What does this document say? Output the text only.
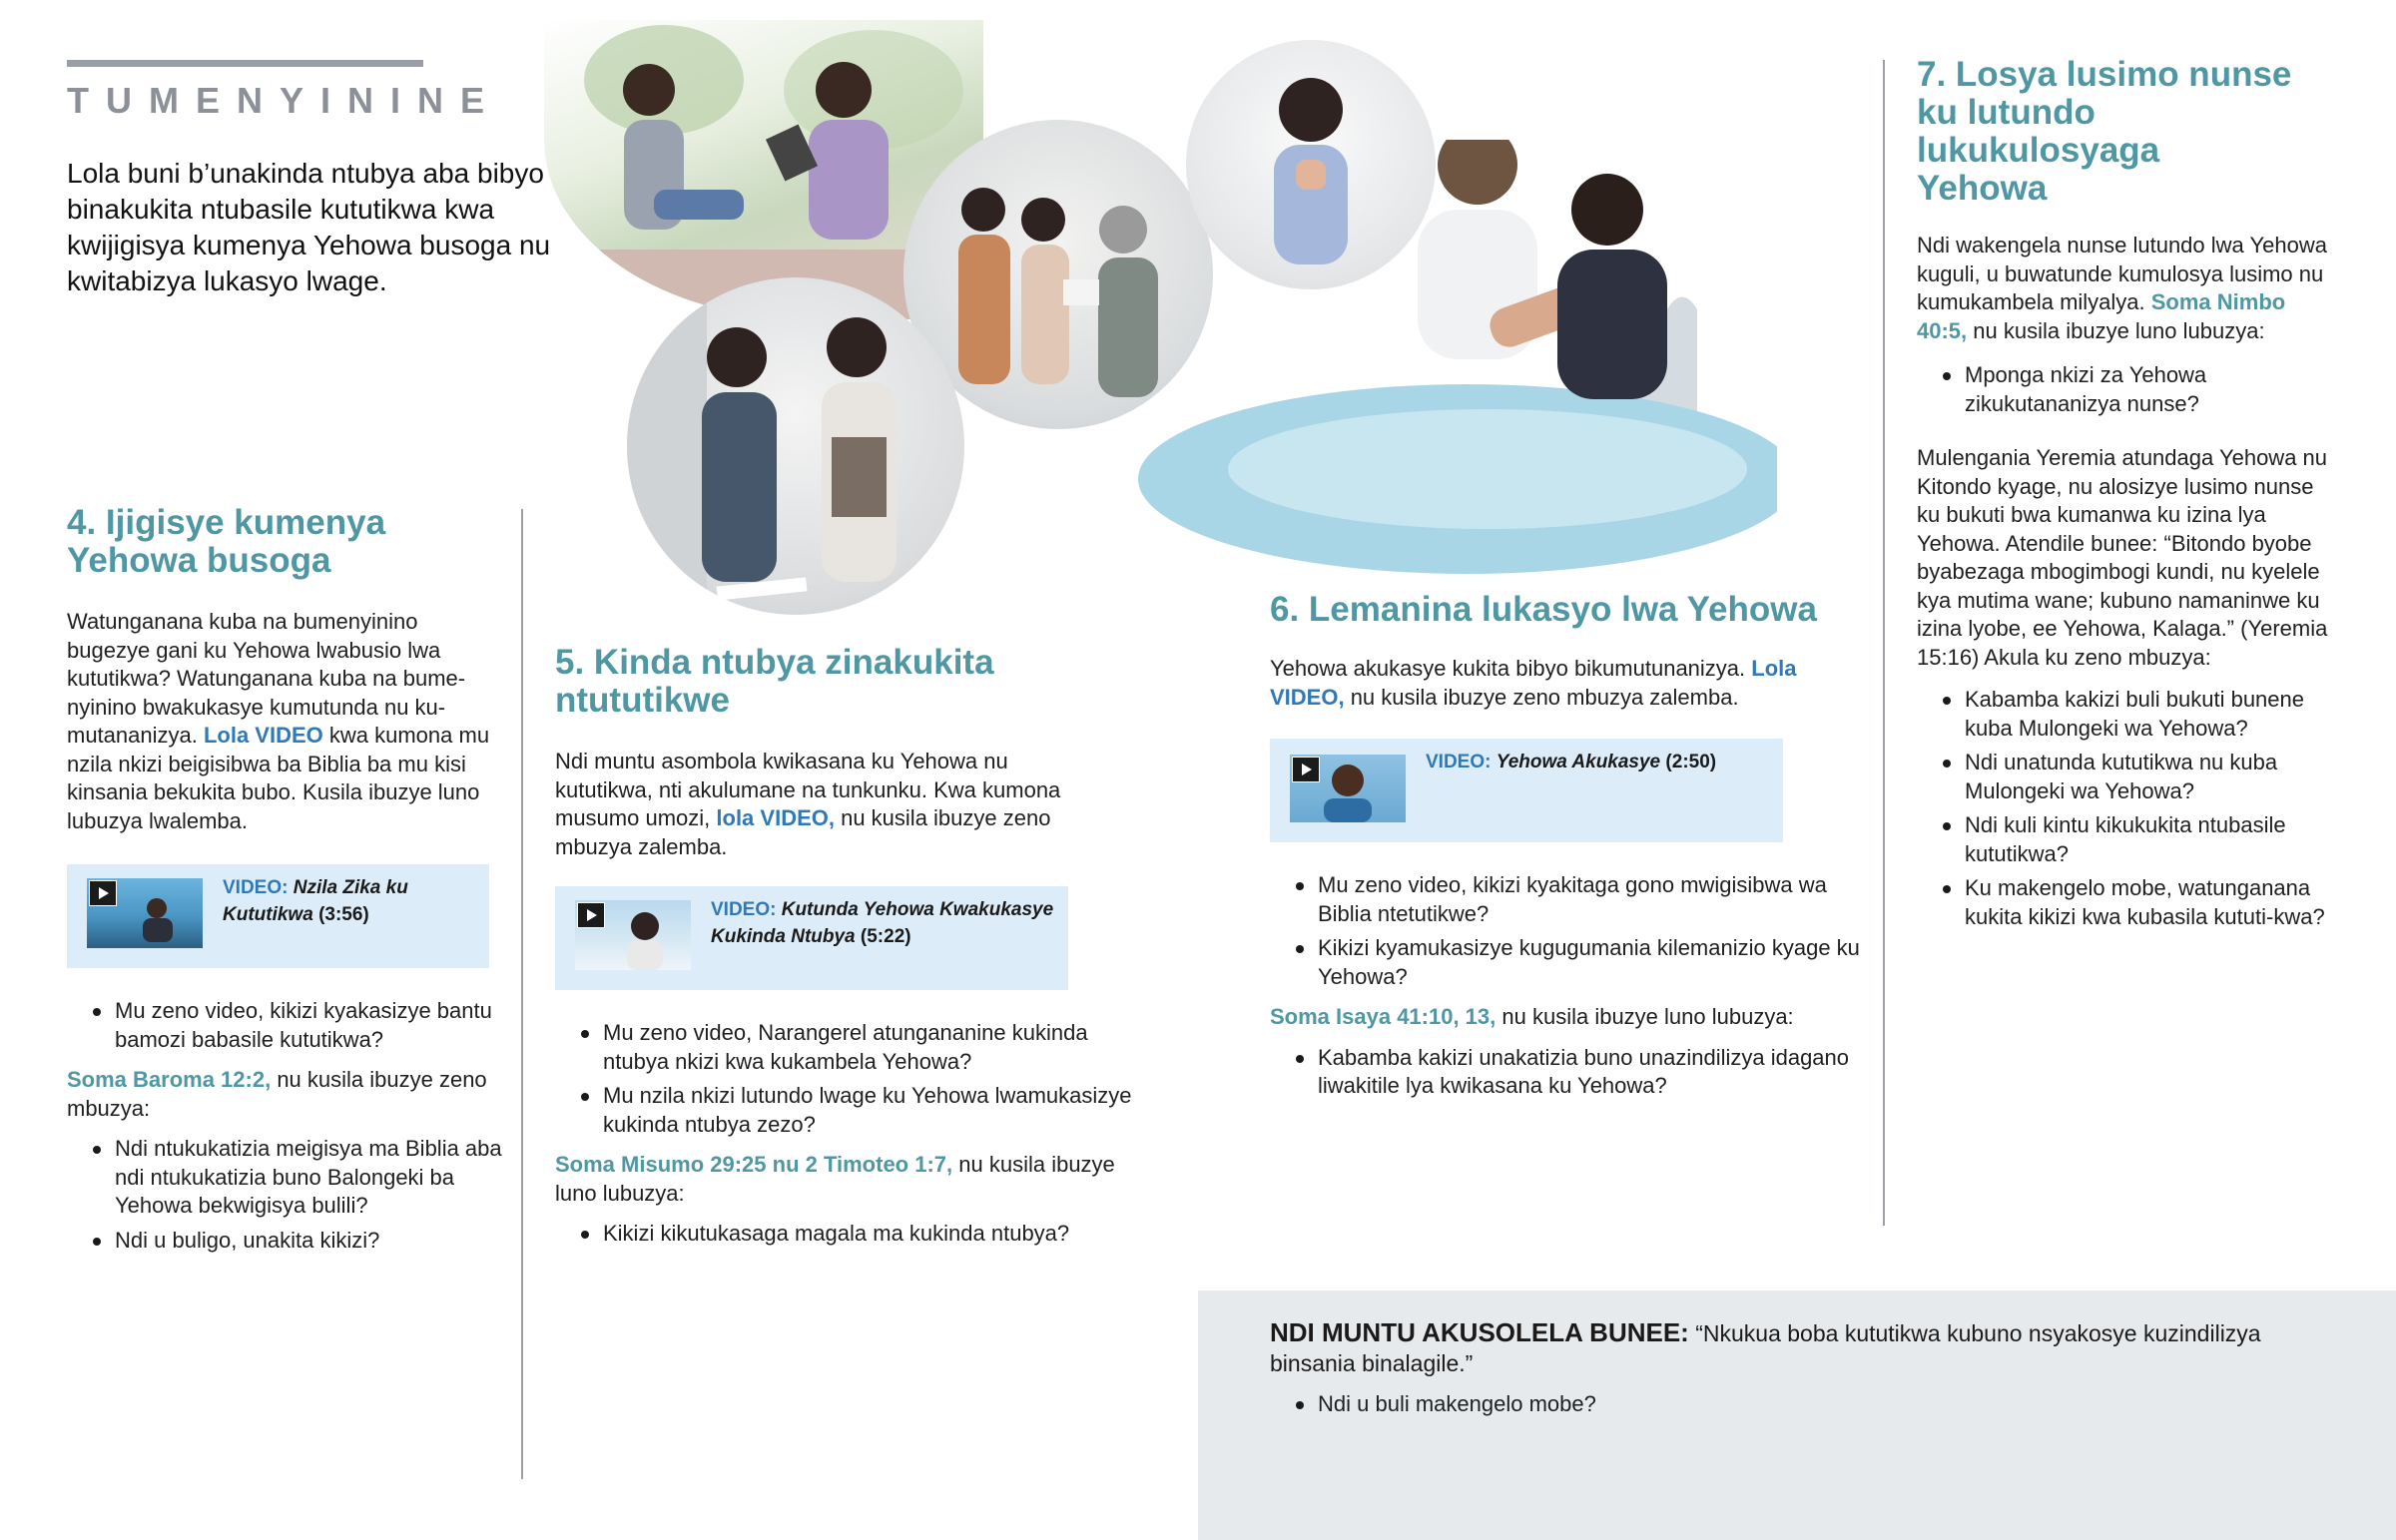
TUMENYININE
Lola buni b’unakinda ntubya aba bibyo binakukita ntubasile kututikwa kwa kwijigisya kumenya Yehowa busoga nu kwitabizya lukasyo lwage.
4. Ijigisye kumenya
Yehowa busoga

Watunganana kuba na bumenyinino bugezye gani ku Yehowa lwabusio lwa kututikwa? Watunganana kuba na bume-nyinino bwakukasye kumutunda nu ku-mutananizya. Lola VIDEO kwa kumona mu nzila nkizi beigisibwa ba Biblia ba mu kisi kinsania bekukita bubo. Kusila ibuzye luno lubuzya lwalemba.

VIDEO: Nzila Zika ku Kututikwa (3:56)
Mu zeno video, kikizi kyakasizye bantu bamozi babasile kututikwa?

Soma Baroma 12:2, nu kusila ibuzye zeno mbuzya:

Ndi ntukukatizia meigisya ma Biblia aba ndi ntukukatizia buno Balongeki ba Yehowa bekwigisya bulili?
Ndi u buligo, unakita kikizi?
5. Kinda ntubya zinakukita
ntututikwe

Ndi muntu asombola kwikasana ku Yehowa nu kututikwa, nti akulumane na tunkunku. Kwa kumona musumo umozi, lola VIDEO, nu kusila ibuzye zeno mbuzya zalemba.

VIDEO: Kutunda Yehowa Kwakukasye
Kukinda Ntubya (5:22)
Mu zeno video, Narangerel atungananine kukinda ntubya nkizi kwa kukambela Yehowa?
Mu nzila nkizi lutundo lwage ku Yehowa lwamukasizye kukinda ntubya zezo?

Soma Misumo 29:25 nu 2 Timoteo 1:7, nu kusila ibuzye luno lubuzya:

Kikizi kikutukasaga magala ma kukinda ntubya?
6. Lemanina lukasyo lwa Yehowa

Yehowa akukasye kukita bibyo bikumutunanizya. Lola VIDEO, nu kusila ibuzye zeno mbuzya zalemba.

VIDEO: Yehowa Akukasye (2:50)
Mu zeno video, kikizi kyakitaga gono mwigisibwa wa Biblia ntetutikwe?
Kikizi kyamukasizye kugugumania kilemanizio kyage ku Yehowa?

Soma Isaya 41:10, 13, nu kusila ibuzye luno lubuzya:

Kabamba kakizi unakatizia buno unazindilizya idagano liwakitile lya kwikasana ku Yehowa?
7. Losya lusimo nunse
ku lutundo lukukulosyaga
Yehowa

Ndi wakengela nunse lutundo lwa Yehowa kuguli, u buwatunde kumulosya lusimo nu kumukambela milyalya. Soma Nimbo 40:5, nu kusila ibuzye luno lubuzya:

Mponga nkizi za Yehowa zikukutananizya nunse?

Mulengania Yeremia atundaga Yehowa nu Kitondo kyage, nu alosizye lusimo nunse ku bukuti bwa kumanwa ku izina lya Yehowa. Atendile bunee: “Bitondo byobe byabezaga mbogimbogi kundi, nu kyelele kya mutima wane; kubuno namaninwe ku izina lyobe, ee Yehowa, Kalaga.” (Yeremia 15:16) Akula ku zeno mbuzya:

Kabamba kakizi buli bukuti bunene kuba Mulongeki wa Yehowa?
Ndi unatunda kututikwa nu kuba Mulongeki wa Yehowa?
Ndi kuli kintu kikukukita ntubasile kututikwa?
Ku makengelo mobe, watunganana kukita kikizi kwa kubasila kututi-kwa?

NDI MUNTU AKUSOLELA BUNEE: “Nkukua boba kututikwa kubuno nsyakosye kuzindilizya binsania binalagile.”

Ndi u buli makengelo mobe?
